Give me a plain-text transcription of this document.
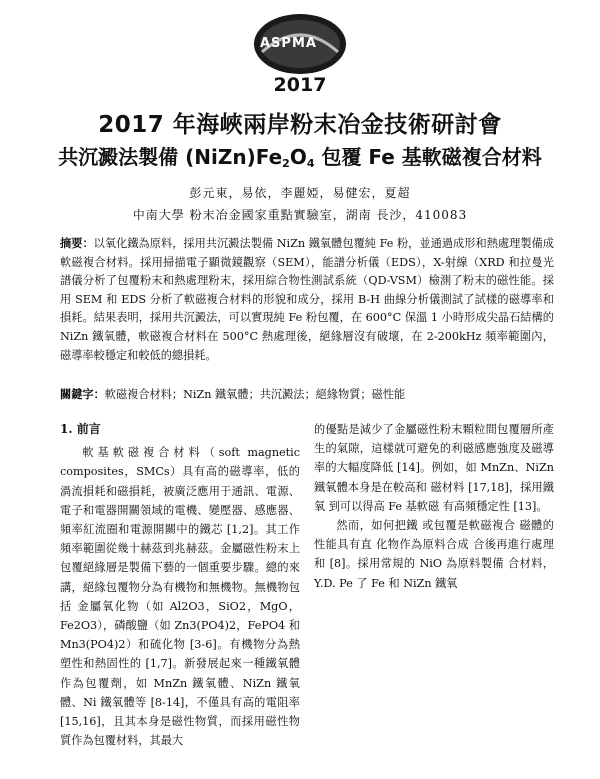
ASPMA
2017
2017 年海峽兩岸粉末冶金技術研討會
共沉澱法製備 $(NiZn)Fe_2O_4$ 包覆 Fe 基軟磁複合材料
彭元東，易依，李麗婭，易健宏，夏超
中南大學 粉末冶金國家重點實驗室，湖南 長沙，410083

摘要：以氧化鐵為原料，採用共沉澱法製備 NiZn 鐵氧體包覆純 Fe 粉，並通過成形和熱處理製備成軟磁複合材料。採用掃描電子顯微鏡觀察（SEM），能譜分析儀（EDS），X-射線（XRD 和拉曼光譜儀分析了包覆粉末和熱處理粉末，採用綜合物性測試系統（QD-VSM）檢測了粉末的磁性能。採用 SEM 和 EDS 分析了軟磁複合材料的形貌和成分，採用 B-H 曲線分析儀測試了試樣的磁導率和損耗。結果表明，採用共沉澱法，可以實現純 Fe 粉包覆，在 600°C 保溫 1 小時形成尖晶石結構的 NiZn 鐵氧體，軟磁複合材料在 500°C 熱處理後，絕緣層沒有破壞，在 2-200kHz 頻率範圍內，磁導率較穩定和較低的總損耗。

關鍵字：軟磁複合材料；NiZn 鐵氧體；共沉澱法；絕緣物質；磁性能

1. 前言

軟基軟磁複合材料（soft magnetic composites，SMCs）具有高的磁導率，低的渦流損耗和磁損耗，被廣泛應用于通訊、電源、電子和電器開關領域的電機、變壓器、感應器、頻率紅流圈和電源開關中的鐵芯 [1,2]。其工作頻率範圍從幾十赫茲到兆赫茲。金屬磁性粉末上包覆絕緣層是製備下藝的一個重要步驟。總的來講，絕緣包覆物分為有機物和無機物。無機物包括 金屬氧化物（如 Al2O3，SiO2，MgO，Fe2O3），磷酸鹽（如 Zn3(PO4)2，FePO4 和 Mn3(PO4)2）和硫化物 [3-6]。有機物分為熱塑性和熱固性的 [1,7]。新發展起來一種鐵氧體作為包覆劑，如 MnZn 鐵氧體、NiZn 鐵氧體、Ni 鐵氧體等 [8-14]，不僅具有高的電阻率 [15,16]，且其本身是磁性物質，而採用磁性物質作為包覆材料，其最大

的優點是減少了金屬磁性粉末顆粒間包覆層所產生的氣隙，這樣就可避免的利磁感應強度及磁導率的大幅度降低 [14]。例如，如 MnZn、NiZn 鐵氧體本身是在較高和 磁材料 [17,18]，採用鐵氧 到可以得高 Fe 基軟磁 有高頻穩定性 [13]。

然而，如何把鐵 或包覆是軟磁複合 磁體的性能具有直 化物作為原料合成 合後再進行處理和 [8]。採用常規的 NiO 為原料製備 合材料，Y.D. Pe 了 Fe 和 NiZn 鐵氧
